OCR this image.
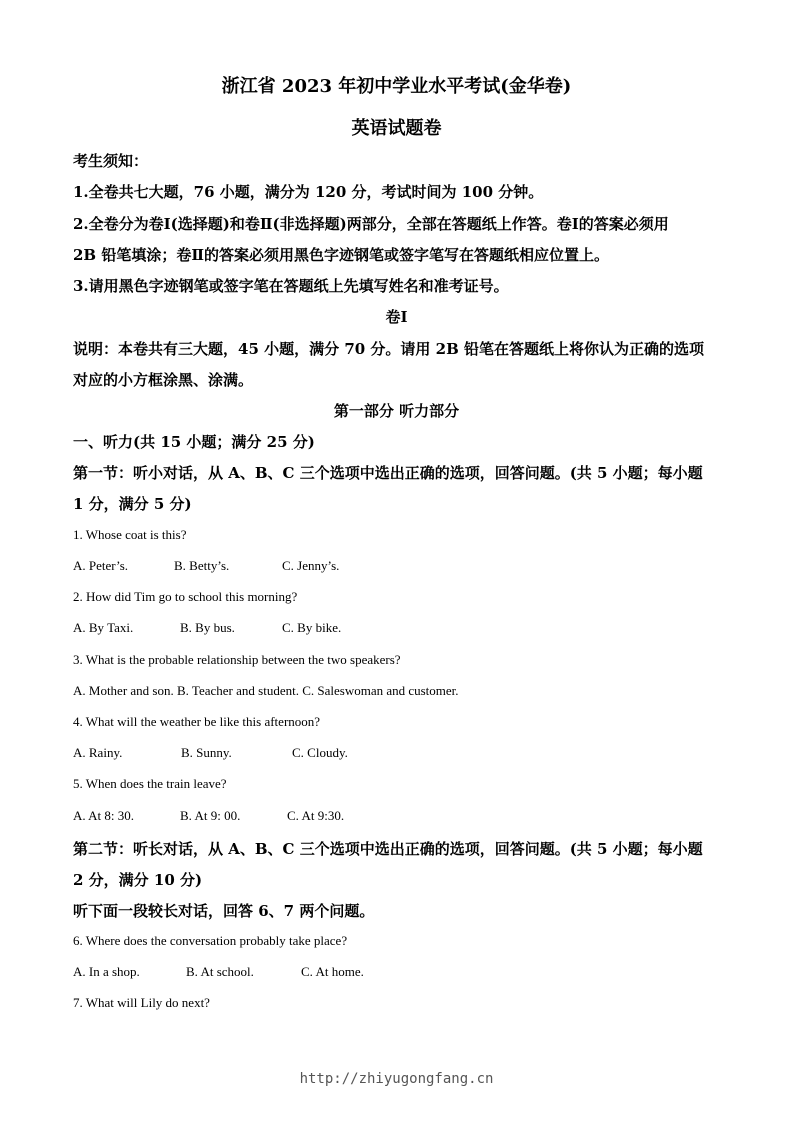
浙江省 2023 年初中学业水平考试(金华卷)
英语试题卷
考生须知：
1.全卷共七大题，76 小题，满分为 120 分，考试时间为 100 分钟。
2.全卷分为卷Ⅰ(选择题)和卷Ⅱ(非选择题)两部分，全部在答题纸上作答。卷Ⅰ的答案必须用
2B 铅笔填涂；卷Ⅱ的答案必须用黑色字迹钢笔或签字笔写在答题纸相应位置上。
3.请用黑色字迹钢笔或签字笔在答题纸上先填写姓名和准考证号。
卷Ⅰ
说明：本卷共有三大题，45 小题，满分 70 分。请用 2B 铅笔在答题纸上将你认为正确的选项
对应的小方框涂黑、涂满。
第一部分 听力部分
一、听力(共 15 小题；满分 25 分)
第一节：听小对话，从 A、B、C 三个选项中选出正确的选项，回答问题。(共 5 小题；每小题
1 分，满分 5 分)
1. Whose coat is this?
A. Peter’s.	B. Betty’s.	C. Jenny’s.
2. How did Tim go to school this morning?
A. By Taxi.	B. By bus.	C. By bike.
3. What is the probable relationship between the two speakers?
A. Mother and son. B. Teacher and student. C. Saleswoman and customer.
4. What will the weather be like this afternoon?
A. Rainy.	B. Sunny.	C. Cloudy.
5. When does the train leave?
A. At 8: 30.	B. At 9: 00.	C. At 9:30.
第二节：听长对话，从 A、B、C 三个选项中选出正确的选项，回答问题。(共 5 小题；每小题
2 分，满分 10 分)
听下面一段较长对话，回答 6、7 两个问题。
6. Where does the conversation probably take place?
A. In a shop.	B. At school.	C. At home.
7. What will Lily do next?
http://zhiyugongfang.cn
